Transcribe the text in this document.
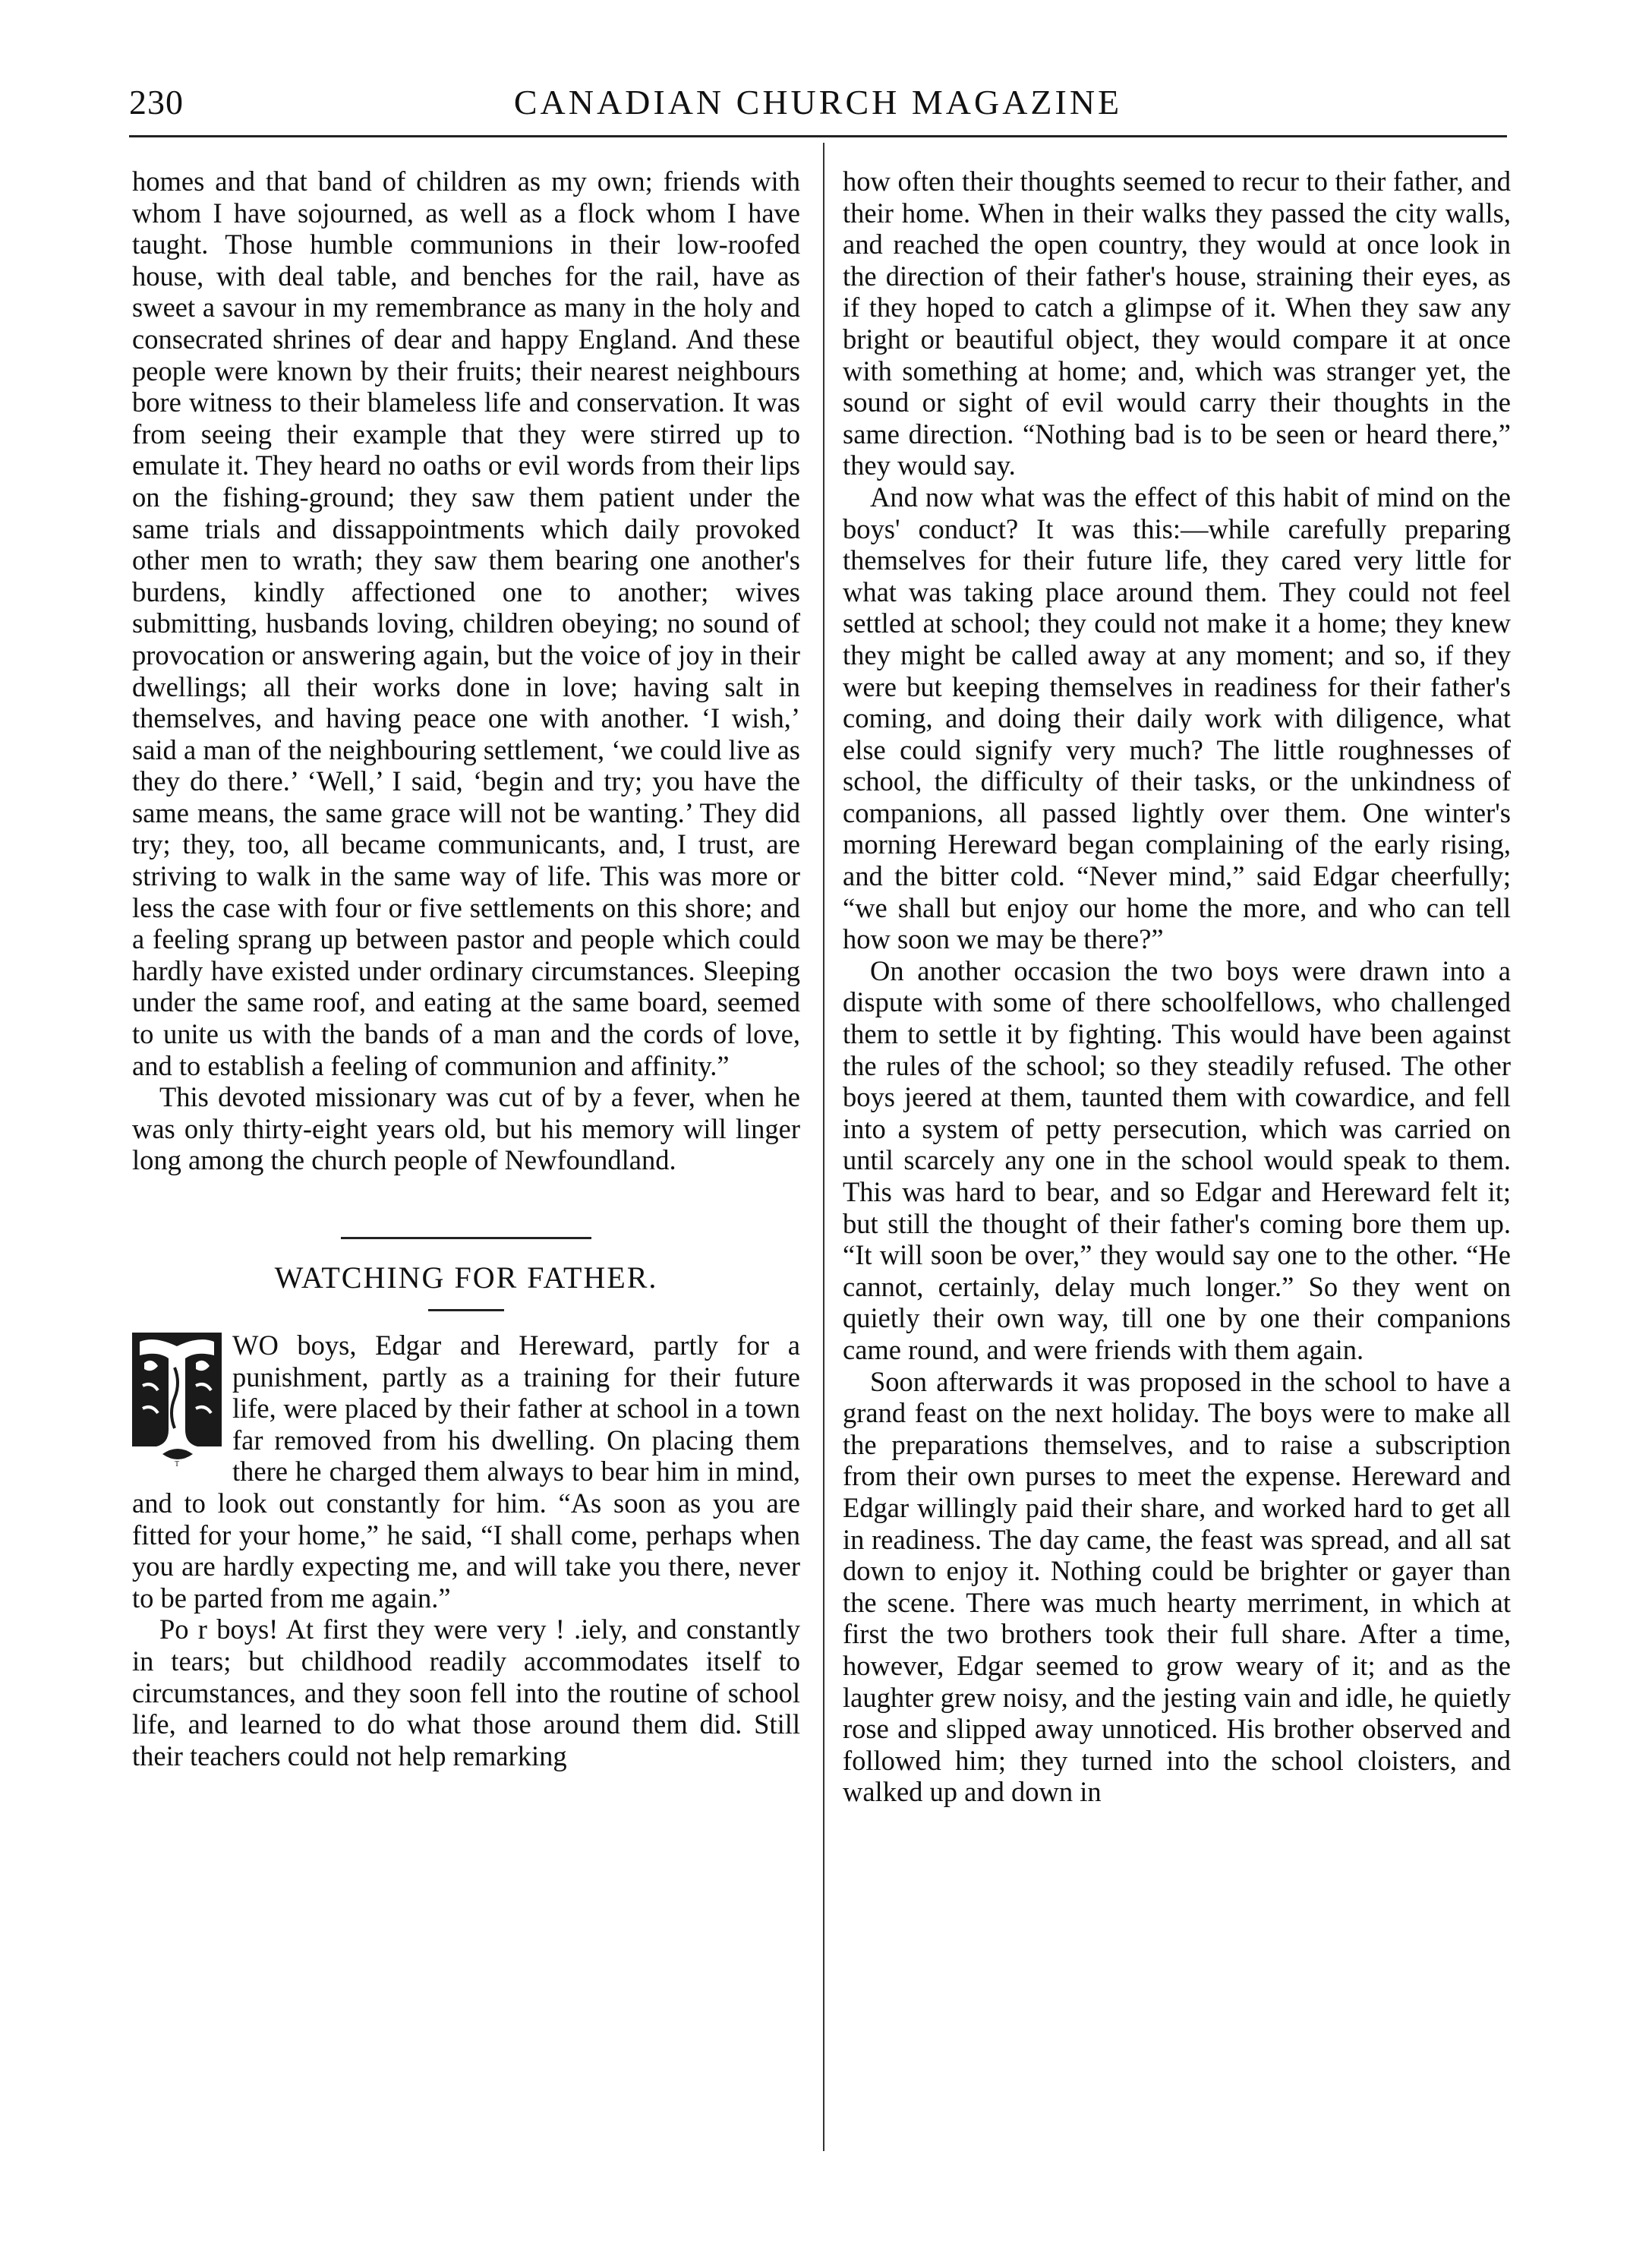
230	CANADIAN CHURCH MAGAZINE

homes and that band of children as my own; friends with whom I have sojourned, as well as a flock whom I have taught. Those humble communions in their low-roofed house, with deal table, and benches for the rail, have as sweet a savour in my remembrance as many in the holy and consecrated shrines of dear and happy England. And these people were known by their fruits; their nearest neighbours bore witness to their blameless life and conservation. It was from seeing their example that they were stirred up to emulate it. They heard no oaths or evil words from their lips on the fishing-ground; they saw them patient under the same trials and dissappointments which daily provoked other men to wrath; they saw them bearing one another's burdens, kindly affectioned one to another; wives submitting, husbands loving, children obeying; no sound of provocation or answering again, but the voice of joy in their dwellings; all their works done in love; having salt in themselves, and having peace one with another. ‘I wish,’ said a man of the neighbouring settlement, ‘we could live as they do there.’ ‘Well,’ I said, ‘begin and try; you have the same means, the same grace will not be wanting.’ They did try; they, too, all became communicants, and, I trust, are striving to walk in the same way of life. This was more or less the case with four or five settlements on this shore; and a feeling sprang up between pastor and people which could hardly have existed under ordinary circumstances. Sleeping under the same roof, and eating at the same board, seemed to unite us with the bands of a man and the cords of love, and to establish a feeling of communion and affinity.”

This devoted missionary was cut of by a fever, when he was only thirty-eight years old, but his memory will linger long among the church people of Newfoundland.

WATCHING FOR FATHER.
T

WO boys, Edgar and Hereward, partly for a punishment, partly as a training for their future life, were placed by their father at school in a town far removed from his dwelling. On placing them there he charged them always to bear him in mind, and to look out constantly for him. “As soon as you are fitted for your home,” he said, “I shall come, perhaps when you are hardly expecting me, and will take you there, never to be parted from me again.”

Po r boys! At first they were very ! .iely, and constantly in tears; but childhood readily accommodates itself to circumstances, and they soon fell into the routine of school life, and learned to do what those around them did. Still their teachers could not help remarking

how often their thoughts seemed to recur to their father, and their home. When in their walks they passed the city walls, and reached the open country, they would at once look in the direction of their father's house, straining their eyes, as if they hoped to catch a glimpse of it. When they saw any bright or beautiful object, they would compare it at once with something at home; and, which was stranger yet, the sound or sight of evil would carry their thoughts in the same direction. “Nothing bad is to be seen or heard there,” they would say.

And now what was the effect of this habit of mind on the boys' conduct? It was this:—while carefully preparing themselves for their future life, they cared very little for what was taking place around them. They could not feel settled at school; they could not make it a home; they knew they might be called away at any moment; and so, if they were but keeping themselves in readiness for their father's coming, and doing their daily work with diligence, what else could signify very much? The little roughnesses of school, the difficulty of their tasks, or the unkindness of companions, all passed lightly over them. One winter's morning Hereward began complaining of the early rising, and the bitter cold. “Never mind,” said Edgar cheerfully; “we shall but enjoy our home the more, and who can tell how soon we may be there?”

On another occasion the two boys were drawn into a dispute with some of there schoolfellows, who challenged them to settle it by fighting. This would have been against the rules of the school; so they steadily refused. The other boys jeered at them, taunted them with cowardice, and fell into a system of petty persecution, which was carried on until scarcely any one in the school would speak to them. This was hard to bear, and so Edgar and Hereward felt it; but still the thought of their father's coming bore them up. “It will soon be over,” they would say one to the other. “He cannot, certainly, delay much longer.” So they went on quietly their own way, till one by one their companions came round, and were friends with them again.

Soon afterwards it was proposed in the school to have a grand feast on the next holiday. The boys were to make all the preparations themselves, and to raise a subscription from their own purses to meet the expense. Hereward and Edgar willingly paid their share, and worked hard to get all in readiness. The day came, the feast was spread, and all sat down to enjoy it. Nothing could be brighter or gayer than the scene. There was much hearty merriment, in which at first the two brothers took their full share. After a time, however, Edgar seemed to grow weary of it; and as the laughter grew noisy, and the jesting vain and idle, he quietly rose and slipped away unnoticed. His brother observed and followed him; they turned into the school cloisters, and walked up and down in
